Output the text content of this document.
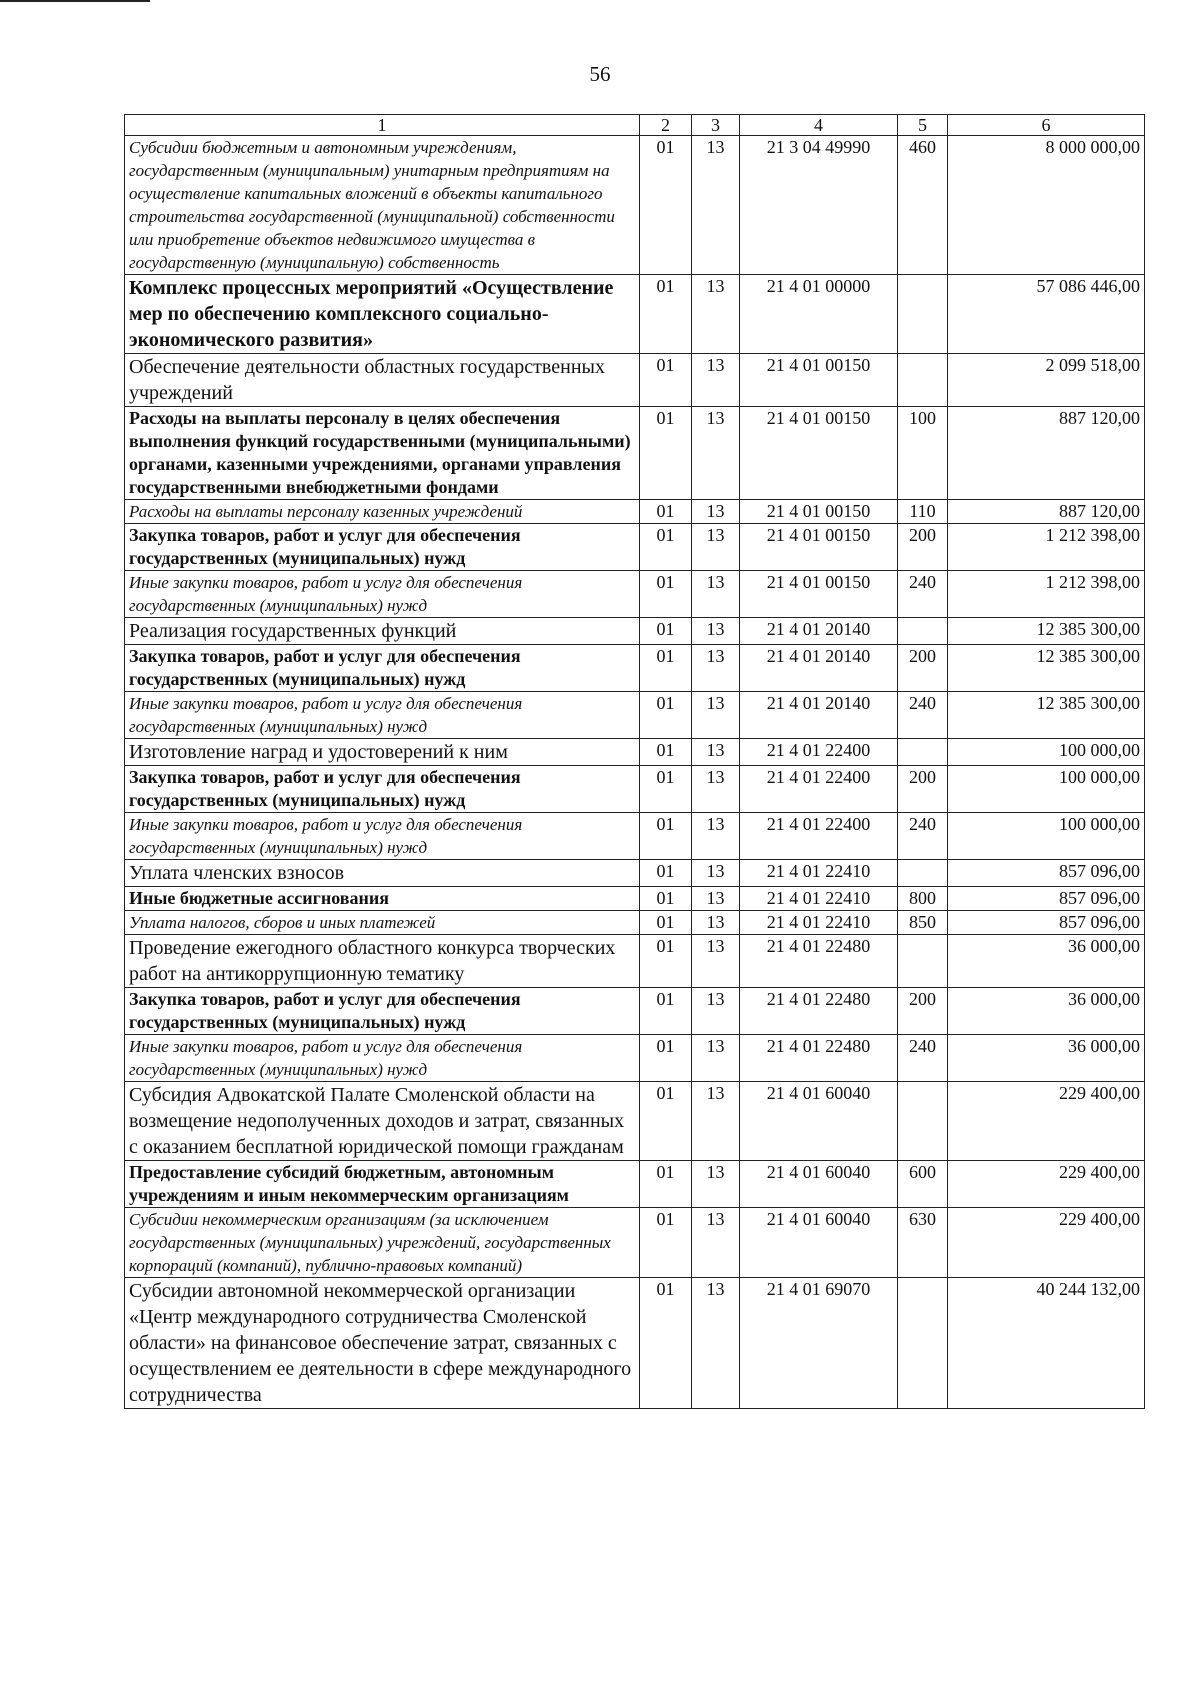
56
1	2	3	4	5	6
Субсидии бюджетным и автономным учреждениям, государственным (муниципальным) унитарным предприятиям на осуществление капитальных вложений в объекты капитального строительства государственной (муниципальной) собственности или приобретение объектов недвижимого имущества в государственную (муниципальную) собственность	01	13	21 3 04 49990	460	8 000 000,00
Комплекс процессных мероприятий «Осуществление мер по обеспечению комплексного социально-экономического развития»	01	13	21 4 01 00000		57 086 446,00
Обеспечение деятельности областных государственных учреждений	01	13	21 4 01 00150		2 099 518,00
Расходы на выплаты персоналу в целях обеспечения выполнения функций государственными (муниципальными) органами, казенными учреждениями, органами управления государственными внебюджетными фондами	01	13	21 4 01 00150	100	887 120,00
Расходы на выплаты персоналу казенных учреждений	01	13	21 4 01 00150	110	887 120,00
Закупка товаров, работ и услуг для обеспечения государственных (муниципальных) нужд	01	13	21 4 01 00150	200	1 212 398,00
Иные закупки товаров, работ и услуг для обеспечения государственных (муниципальных) нужд	01	13	21 4 01 00150	240	1 212 398,00
Реализация государственных функций	01	13	21 4 01 20140		12 385 300,00
Закупка товаров, работ и услуг для обеспечения государственных (муниципальных) нужд	01	13	21 4 01 20140	200	12 385 300,00
Иные закупки товаров, работ и услуг для обеспечения государственных (муниципальных) нужд	01	13	21 4 01 20140	240	12 385 300,00
Изготовление наград и удостоверений к ним	01	13	21 4 01 22400		100 000,00
Закупка товаров, работ и услуг для обеспечения государственных (муниципальных) нужд	01	13	21 4 01 22400	200	100 000,00
Иные закупки товаров, работ и услуг для обеспечения государственных (муниципальных) нужд	01	13	21 4 01 22400	240	100 000,00
Уплата членских взносов	01	13	21 4 01 22410		857 096,00
Иные бюджетные ассигнования	01	13	21 4 01 22410	800	857 096,00
Уплата налогов, сборов и иных платежей	01	13	21 4 01 22410	850	857 096,00
Проведение ежегодного областного конкурса творческих работ на антикоррупционную тематику	01	13	21 4 01 22480		36 000,00
Закупка товаров, работ и услуг для обеспечения государственных (муниципальных) нужд	01	13	21 4 01 22480	200	36 000,00
Иные закупки товаров, работ и услуг для обеспечения государственных (муниципальных) нужд	01	13	21 4 01 22480	240	36 000,00
Субсидия Адвокатской Палате Смоленской области на возмещение недополученных доходов и затрат, связанных с оказанием бесплатной юридической помощи гражданам	01	13	21 4 01 60040		229 400,00
Предоставление субсидий бюджетным, автономным учреждениям и иным некоммерческим организациям	01	13	21 4 01 60040	600	229 400,00
Субсидии некоммерческим организациям (за исключением государственных (муниципальных) учреждений, государственных корпораций (компаний), публично-правовых компаний)	01	13	21 4 01 60040	630	229 400,00
Субсидии автономной некоммерческой организации «Центр международного сотрудничества Смоленской области» на финансовое обеспечение затрат, связанных с осуществлением ее деятельности в сфере международного сотрудничества	01	13	21 4 01 69070		40 244 132,00
